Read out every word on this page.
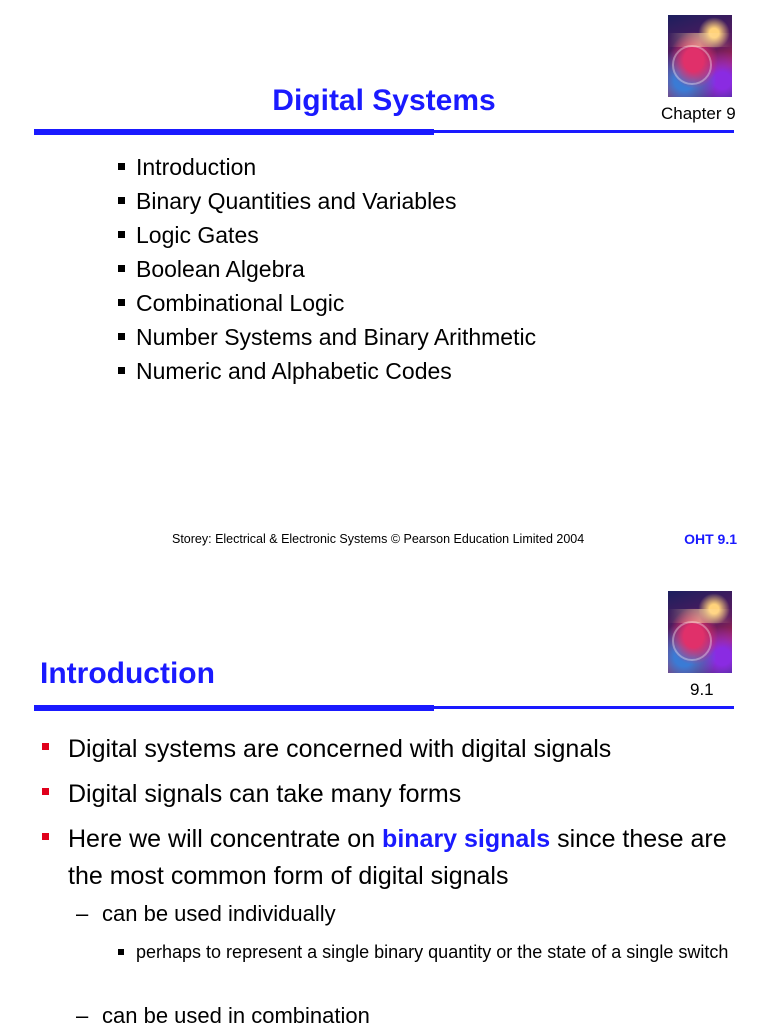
Digital Systems	Chapter 9
Introduction
Binary Quantities and Variables
Logic Gates
Boolean Algebra
Combinational Logic
Number Systems and Binary Arithmetic
Numeric and Alphabetic Codes
Storey: Electrical & Electronic Systems © Pearson Education Limited 2004	OHT 9.1
Introduction	9.1
Digital systems are concerned with digital signals
Digital signals can take many forms
Here we will concentrate on binary signals since these are the most common form of digital signals
– can be used individually
perhaps to represent a single binary quantity or the state of a single switch
– can be used in combination
